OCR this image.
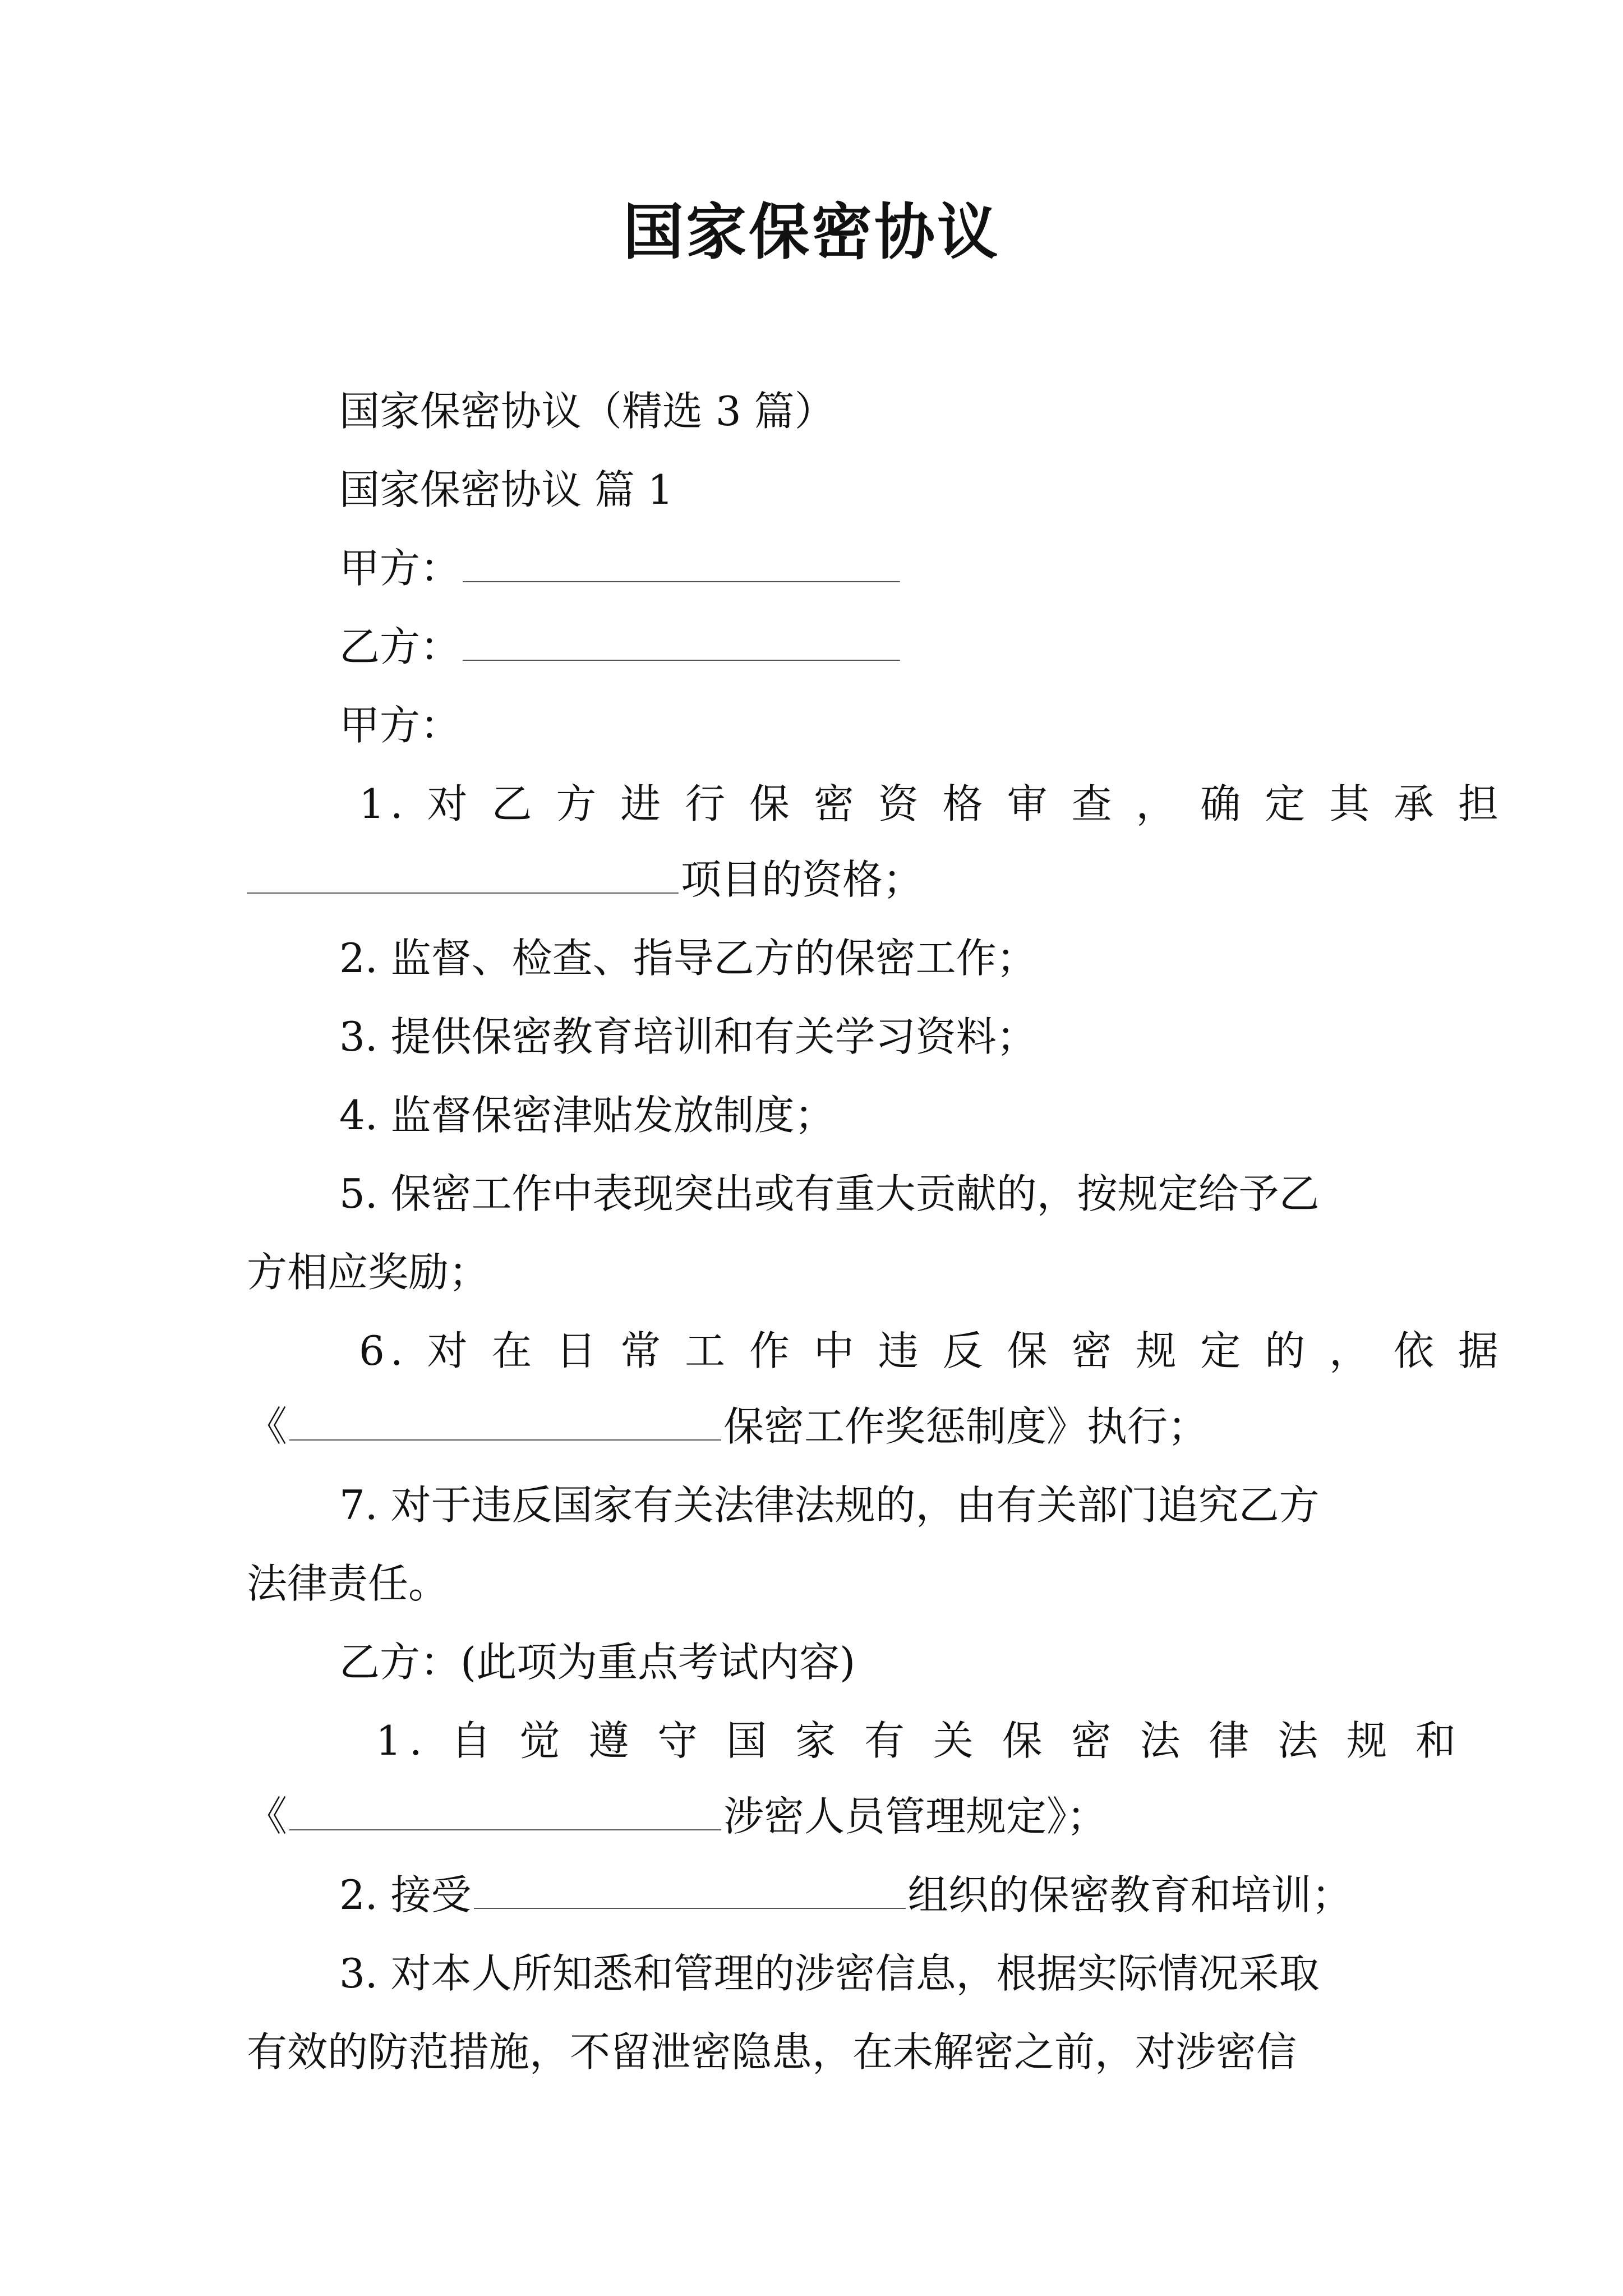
国家保密协议
国家保密协议（精选 3 篇）
国家保密协议 篇 1
甲方：
乙方：
甲方：
1. 对 乙 方 进 行 保 密 资 格 审 查 ， 确 定 其 承 担
项目的资格；
2. 监督、检查、指导乙方的保密工作；
3. 提供保密教育培训和有关学习资料；
4. 监督保密津贴发放制度；
5. 保密工作中表现突出或有重大贡献的，按规定给予乙
方相应奖励；
6. 对 在 日 常 工 作 中 违 反 保 密 规 定 的 ， 依 据
《	保密工作奖惩制度》执行；
7. 对于违反国家有关法律法规的，由有关部门追究乙方
法律责任。
乙方：(此项为重点考试内容)
1. 自 觉 遵 守 国 家 有 关 保 密 法 律 法 规 和
《	涉密人员管理规定》；
2. 接受	组织的保密教育和培训；
3. 对本人所知悉和管理的涉密信息，根据实际情况采取
有效的防范措施，不留泄密隐患，在未解密之前，对涉密信
